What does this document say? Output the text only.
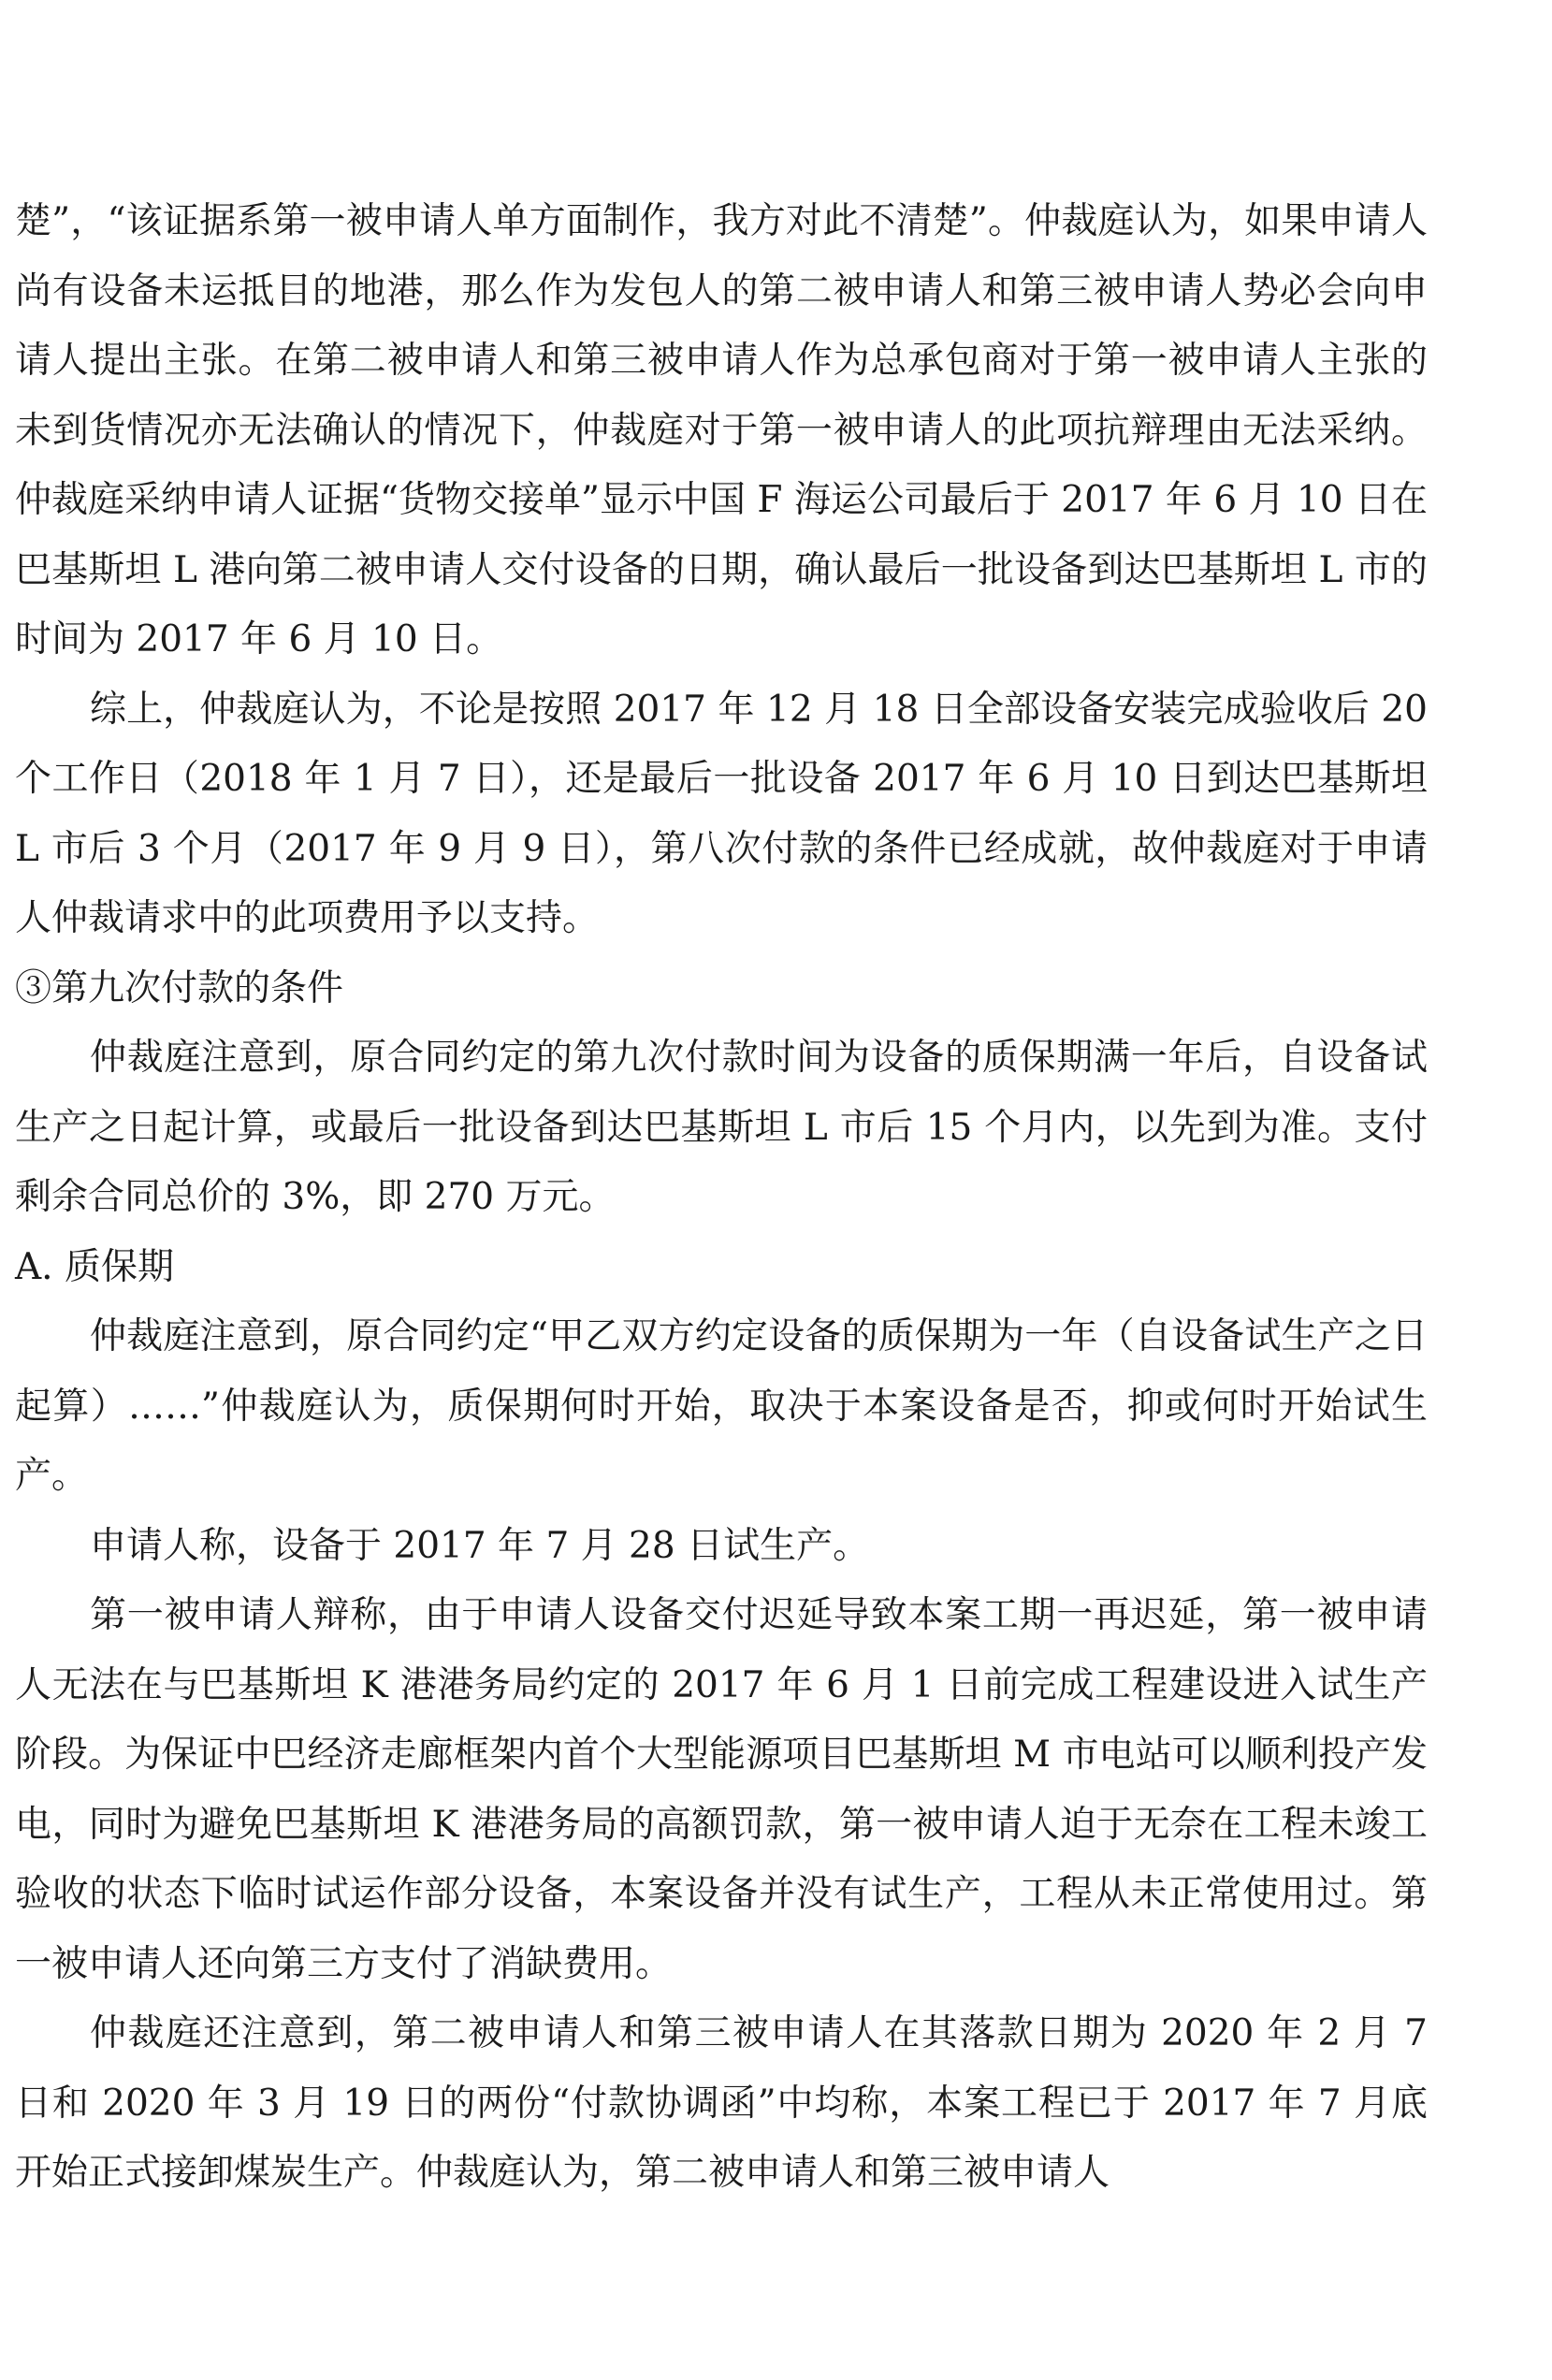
楚”，“该证据系第一被申请人单方面制作，我方对此不清楚”。仲裁庭认为，如果申请人尚有设备未运抵目的地港，那么作为发包人的第二被申请人和第三被申请人势必会向申请人提出主张。在第二被申请人和第三被申请人作为总承包商对于第一被申请人主张的未到货情况亦无法确认的情况下，仲裁庭对于第一被申请人的此项抗辩理由无法采纳。仲裁庭采纳申请人证据“货物交接单”显示中国 F 海运公司最后于 2017 年 6 月 10 日在巴基斯坦 L 港向第二被申请人交付设备的日期，确认最后一批设备到达巴基斯坦 L 市的时间为 2017 年 6 月 10 日。

综上，仲裁庭认为，不论是按照 2017 年 12 月 18 日全部设备安装完成验收后 20 个工作日（2018 年 1 月 7 日），还是最后一批设备 2017 年 6 月 10 日到达巴基斯坦 L 市后 3 个月（2017 年 9 月 9 日），第八次付款的条件已经成就，故仲裁庭对于申请人仲裁请求中的此项费用予以支持。

③第九次付款的条件

仲裁庭注意到，原合同约定的第九次付款时间为设备的质保期满一年后，自设备试生产之日起计算，或最后一批设备到达巴基斯坦 L 市后 15 个月内，以先到为准。支付剩余合同总价的 3%，即 270 万元。

A. 质保期

仲裁庭注意到，原合同约定“甲乙双方约定设备的质保期为一年（自设备试生产之日起算）……”仲裁庭认为，质保期何时开始，取决于本案设备是否，抑或何时开始试生产。

申请人称，设备于 2017 年 7 月 28 日试生产。

第一被申请人辩称，由于申请人设备交付迟延导致本案工期一再迟延，第一被申请人无法在与巴基斯坦 K 港港务局约定的 2017 年 6 月 1 日前完成工程建设进入试生产阶段。为保证中巴经济走廊框架内首个大型能源项目巴基斯坦 M 市电站可以顺利投产发电，同时为避免巴基斯坦 K 港港务局的高额罚款，第一被申请人迫于无奈在工程未竣工验收的状态下临时试运作部分设备，本案设备并没有试生产，工程从未正常使用过。第一被申请人还向第三方支付了消缺费用。

仲裁庭还注意到，第二被申请人和第三被申请人在其落款日期为 2020 年 2 月 7 日和 2020 年 3 月 19 日的两份“付款协调函”中均称，本案工程已于 2017 年 7 月底开始正式接卸煤炭生产。仲裁庭认为，第二被申请人和第三被申请人
